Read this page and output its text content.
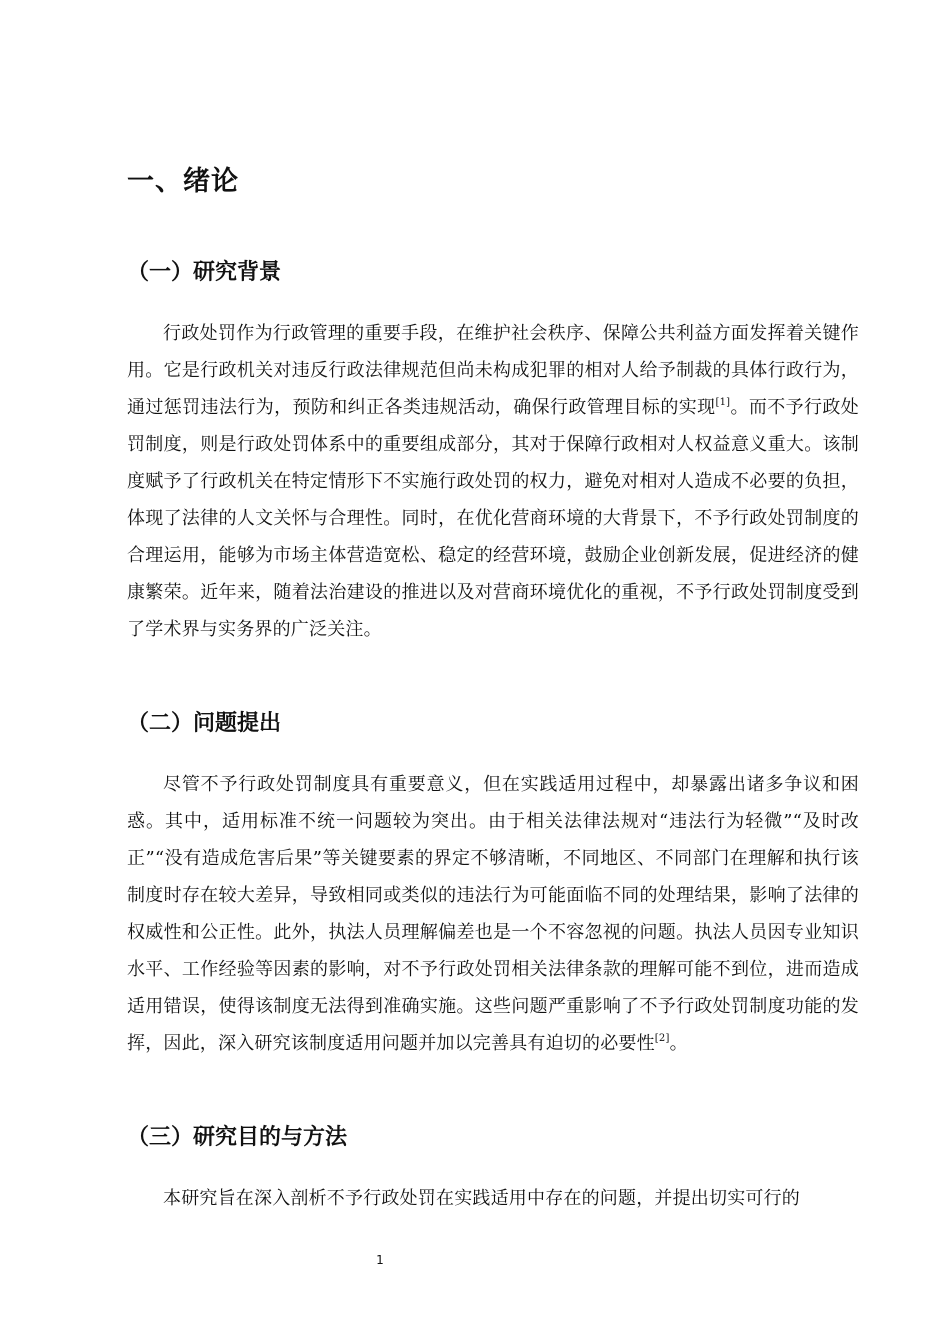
一、绪论
（一）研究背景

行政处罚作为行政管理的重要手段，在维护社会秩序、保障公共利益方面发挥着关键作用。它是行政机关对违反行政法律规范但尚未构成犯罪的相对人给予制裁的具体行政行为，通过惩罚违法行为，预防和纠正各类违规活动，确保行政管理目标的实现[1]。而不予行政处罚制度，则是行政处罚体系中的重要组成部分，其对于保障行政相对人权益意义重大。该制度赋予了行政机关在特定情形下不实施行政处罚的权力，避免对相对人造成不必要的负担，体现了法律的人文关怀与合理性。同时，在优化营商环境的大背景下，不予行政处罚制度的合理运用，能够为市场主体营造宽松、稳定的经营环境，鼓励企业创新发展，促进经济的健康繁荣。近年来，随着法治建设的推进以及对营商环境优化的重视，不予行政处罚制度受到了学术界与实务界的广泛关注。

（二）问题提出

尽管不予行政处罚制度具有重要意义，但在实践适用过程中，却暴露出诸多争议和困惑。其中，适用标准不统一问题较为突出。由于相关法律法规对“违法行为轻微”“及时改正”“没有造成危害后果”等关键要素的界定不够清晰，不同地区、不同部门在理解和执行该制度时存在较大差异，导致相同或类似的违法行为可能面临不同的处理结果，影响了法律的权威性和公正性。此外，执法人员理解偏差也是一个不容忽视的问题。执法人员因专业知识水平、工作经验等因素的影响，对不予行政处罚相关法律条款的理解可能不到位，进而造成适用错误，使得该制度无法得到准确实施。这些问题严重影响了不予行政处罚制度功能的发挥，因此，深入研究该制度适用问题并加以完善具有迫切的必要性[2]。

（三）研究目的与方法

本研究旨在深入剖析不予行政处罚在实践适用中存在的问题，并提出切实可行的

1
